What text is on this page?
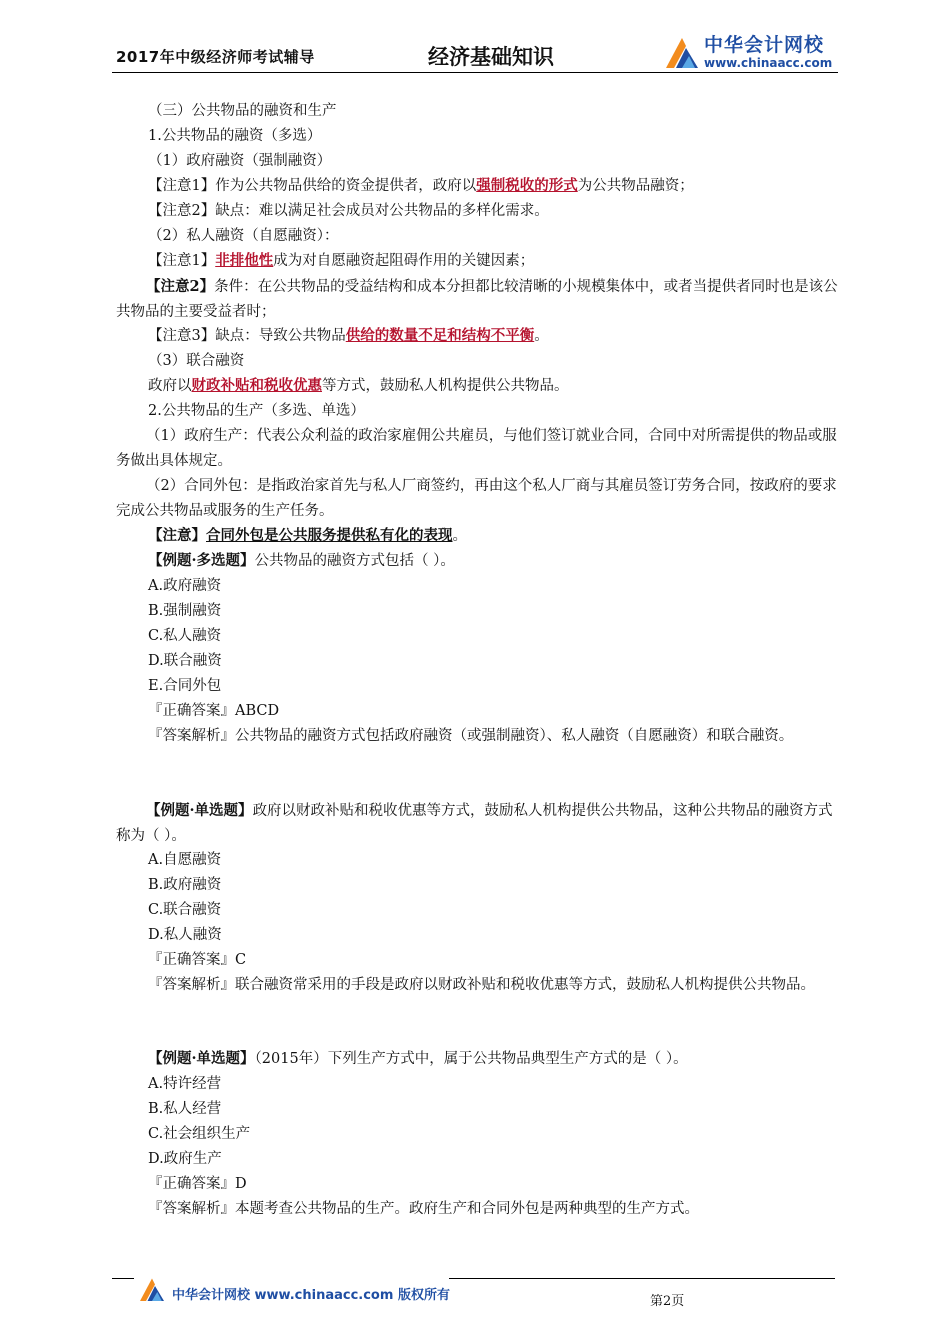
2017年中级经济师考试辅导	经济基础知识	中华会计网校
www.chinaacc.com
（三）公共物品的融资和生产
1.公共物品的融资（多选）
（1）政府融资（强制融资）
【注意1】作为公共物品供给的资金提供者，政府以强制税收的形式为公共物品融资；
【注意2】缺点：难以满足社会成员对公共物品的多样化需求。
（2）私人融资（自愿融资）：
【注意1】非排他性成为对自愿融资起阻碍作用的关键因素；
【注意2】条件：在公共物品的受益结构和成本分担都比较清晰的小规模集体中，或者当提供者同时也是该公共物品的主要受益者时；
【注意3】缺点：导致公共物品供给的数量不足和结构不平衡。
（3）联合融资
政府以财政补贴和税收优惠等方式，鼓励私人机构提供公共物品。
2.公共物品的生产（多选、单选）
（1）政府生产：代表公众利益的政治家雇佣公共雇员，与他们签订就业合同，合同中对所需提供的物品或服务做出具体规定。
（2）合同外包：是指政治家首先与私人厂商签约，再由这个私人厂商与其雇员签订劳务合同，按政府的要求完成公共物品或服务的生产任务。
【注意】合同外包是公共服务提供私有化的表现。
【例题·多选题】公共物品的融资方式包括（ ）。
A.政府融资
B.强制融资
C.私人融资
D.联合融资
E.合同外包
『正确答案』ABCD
『答案解析』公共物品的融资方式包括政府融资（或强制融资）、私人融资（自愿融资）和联合融资。
【例题·单选题】政府以财政补贴和税收优惠等方式，鼓励私人机构提供公共物品，这种公共物品的融资方式称为（ ）。
A.自愿融资
B.政府融资
C.联合融资
D.私人融资
『正确答案』C
『答案解析』联合融资常采用的手段是政府以财政补贴和税收优惠等方式，鼓励私人机构提供公共物品。
【例题·单选题】（2015年）下列生产方式中，属于公共物品典型生产方式的是（ ）。
A.特许经营
B.私人经营
C.社会组织生产
D.政府生产
『正确答案』D
『答案解析』本题考查公共物品的生产。政府生产和合同外包是两种典型的生产方式。
中华会计网校 www.chinaacc.com 版权所有	第2页
